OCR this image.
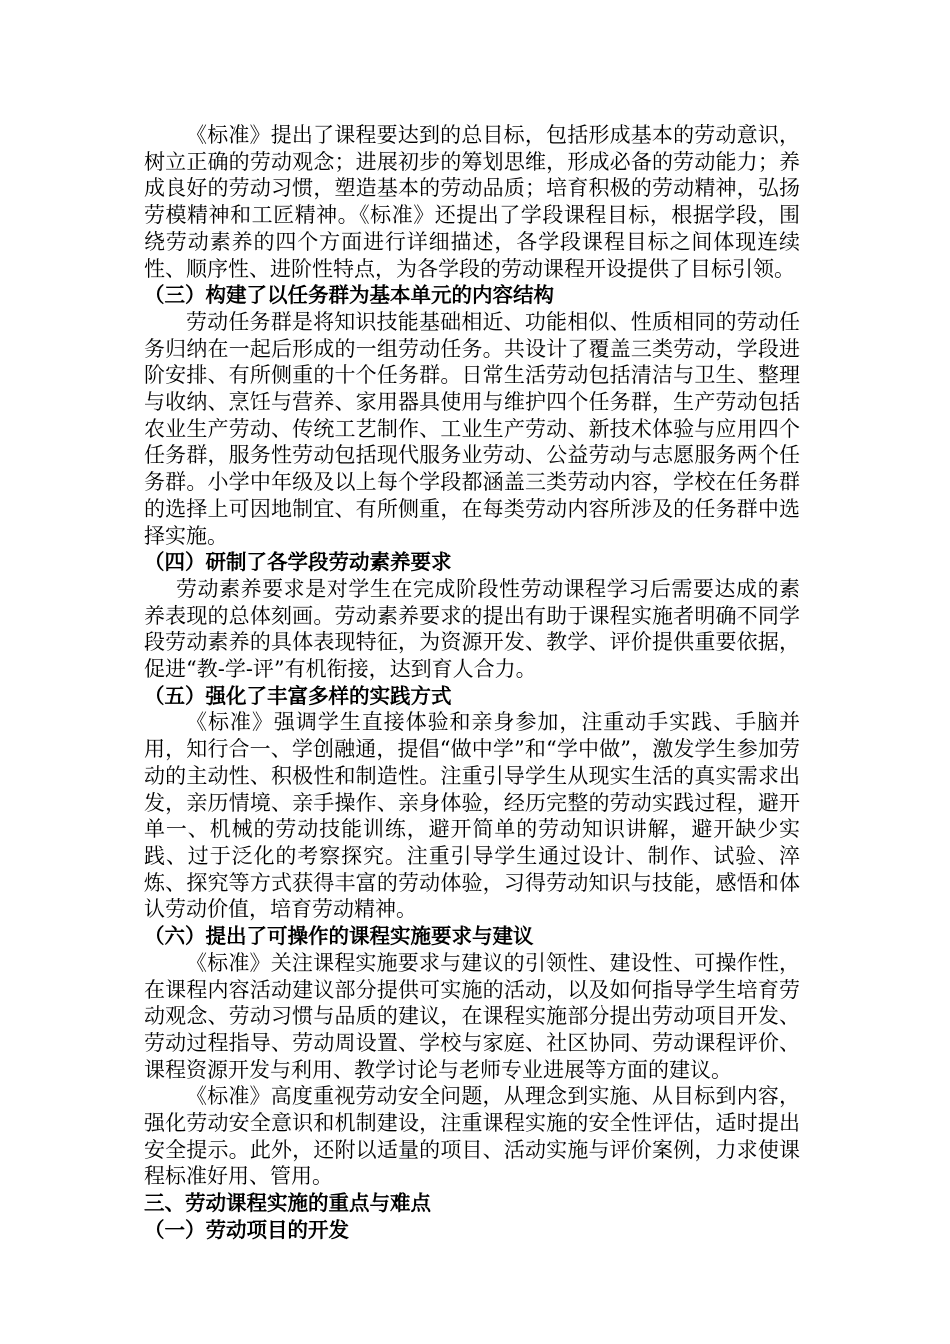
《标准》提出了课程要达到的总目标，包括形成基本的劳动意识，树立正确的劳动观念；进展初步的筹划思维，形成必备的劳动能力；养成良好的劳动习惯，塑造基本的劳动品质；培育积极的劳动精神，弘扬劳模精神和工匠精神。《标准》还提出了学段课程目标，根据学段，围绕劳动素养的四个方面进行详细描述，各学段课程目标之间体现连续性、顺序性、进阶性特点，为各学段的劳动课程开设提供了目标引领。

（三）构建了以任务群为基本单元的内容结构

劳动任务群是将知识技能基础相近、功能相似、性质相同的劳动任务归纳在一起后形成的一组劳动任务。共设计了覆盖三类劳动，学段进阶安排、有所侧重的十个任务群。日常生活劳动包括清洁与卫生、整理与收纳、烹饪与营养、家用器具使用与维护四个任务群，生产劳动包括农业生产劳动、传统工艺制作、工业生产劳动、新技术体验与应用四个任务群，服务性劳动包括现代服务业劳动、公益劳动与志愿服务两个任务群。小学中年级及以上每个学段都涵盖三类劳动内容，学校在任务群的选择上可因地制宜、有所侧重，在每类劳动内容所涉及的任务群中选择实施。

（四）研制了各学段劳动素养要求

劳动素养要求是对学生在完成阶段性劳动课程学习后需要达成的素养表现的总体刻画。劳动素养要求的提出有助于课程实施者明确不同学段劳动素养的具体表现特征，为资源开发、教学、评价提供重要依据，促进“教-学-评”有机衔接，达到育人合力。

（五）强化了丰富多样的实践方式

《标准》强调学生直接体验和亲身参加，注重动手实践、手脑并用，知行合一、学创融通，提倡“做中学”和“学中做”，激发学生参加劳动的主动性、积极性和制造性。注重引导学生从现实生活的真实需求出发，亲历情境、亲手操作、亲身体验，经历完整的劳动实践过程，避开单一、机械的劳动技能训练，避开简单的劳动知识讲解，避开缺少实践、过于泛化的考察探究。注重引导学生通过设计、制作、试验、淬炼、探究等方式获得丰富的劳动体验，习得劳动知识与技能，感悟和体认劳动价值，培育劳动精神。

（六）提出了可操作的课程实施要求与建议

《标准》关注课程实施要求与建议的引领性、建设性、可操作性，在课程内容活动建议部分提供可实施的活动，以及如何指导学生培育劳动观念、劳动习惯与品质的建议，在课程实施部分提出劳动项目开发、劳动过程指导、劳动周设置、学校与家庭、社区协同、劳动课程评价、课程资源开发与利用、教学讨论与老师专业进展等方面的建议。

《标准》高度重视劳动安全问题，从理念到实施、从目标到内容，强化劳动安全意识和机制建设，注重课程实施的安全性评估，适时提出安全提示。此外，还附以适量的项目、活动实施与评价案例，力求使课程标准好用、管用。

三、劳动课程实施的重点与难点

（一）劳动项目的开发
